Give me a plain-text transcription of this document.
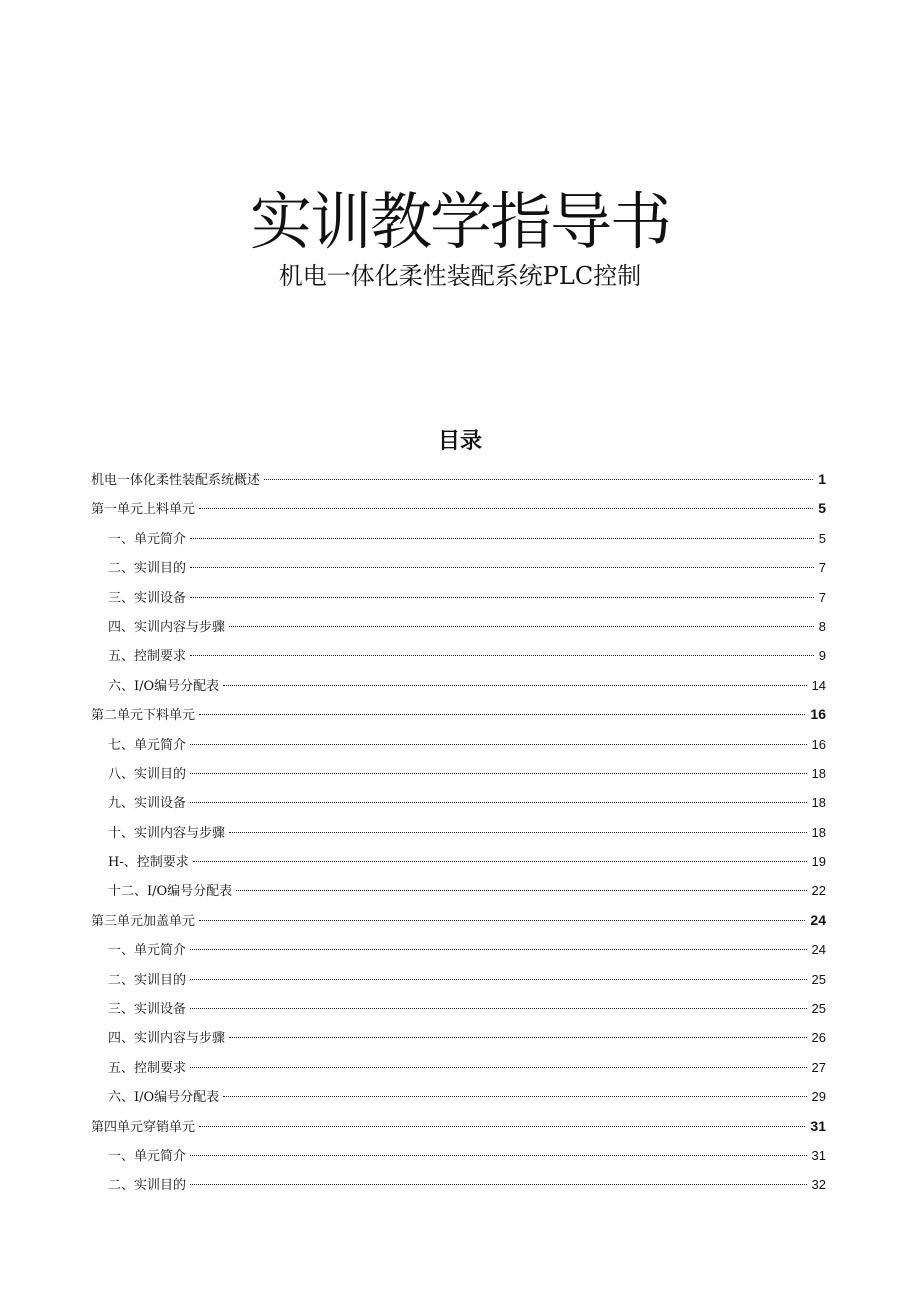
实训教学指导书
机电一体化柔性装配系统PLC控制
目录
机电一体化柔性装配系统概述	1
第一单元上料单元	5
一、单元简介	5
二、实训目的	7
三、实训设备	7
四、实训内容与步骤	8
五、控制要求	9
六、I/O编号分配表	14
第二单元下料单元	16
七、单元简介	16
八、实训目的	18
九、实训设备	18
十、实训内容与步骤	18
H-、控制要求	19
十二、I/O编号分配表	22
第三单元加盖单元	24
一、单元简介	24
二、实训目的	25
三、实训设备	25
四、实训内容与步骤	26
五、控制要求	27
六、I/O编号分配表	29
第四单元穿销单元	31
一、单元简介	31
二、实训目的	32
